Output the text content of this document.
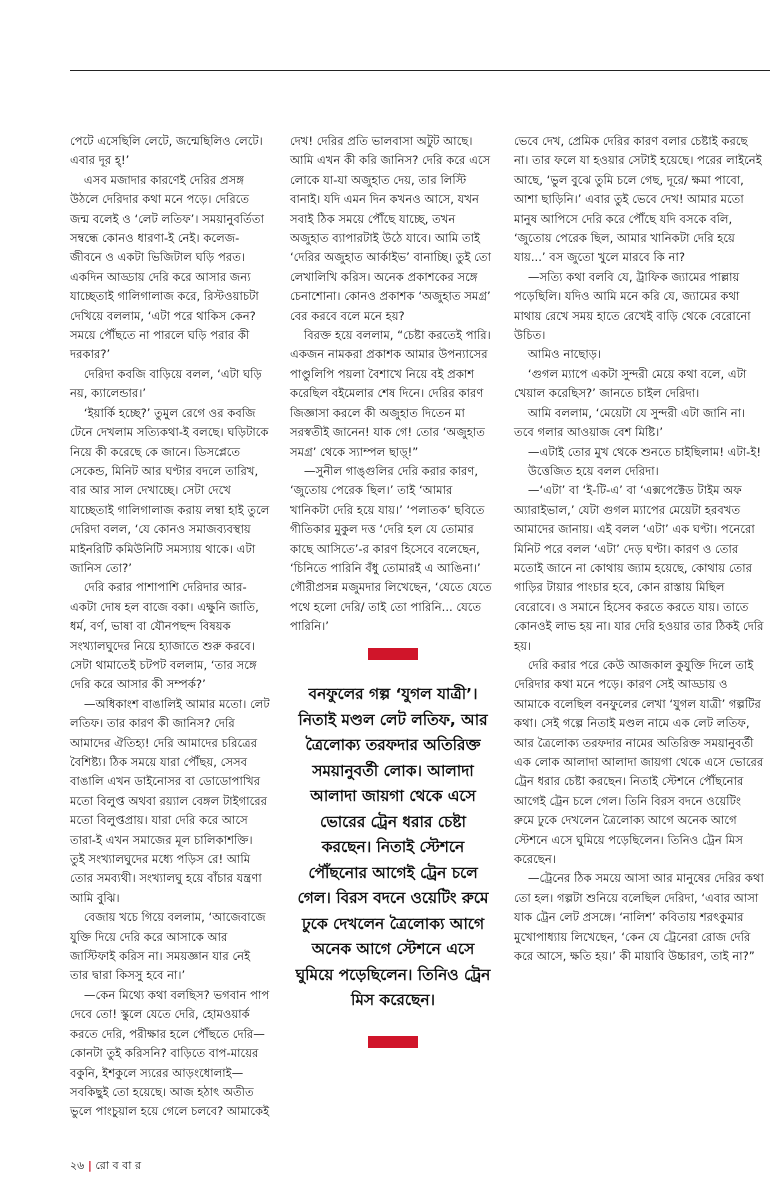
পেটে এসেছিলি লেটে, জন্মেছিলিও লেটে। এবার দূর হ্‌!’

এসব মজাদার কারণেই দেরির প্রসঙ্গ উঠলে দেরিদার কথা মনে পড়ে। দেরিতে জন্ম বলেই ও ‘লেট লতিফ’। সময়ানুবর্তিতা সম্বন্ধে কোনও ধারণা-ই নেই। কলেজ-জীবনে ও একটা ভিজিটাল ঘড়ি পরত। একদিন আড্ডায় দেরি করে আসার জন্য যাচ্ছেতাই গালিগালাজ করে, রিস্টওয়াচটা দেখিয়ে বললাম, ‘এটা পরে থাকিস কেন? সময়ে পৌঁছতে না পারলে ঘড়ি পরার কী দরকার?’

দেরিদা কবজি বাড়িয়ে বলল, ‘এটা ঘড়ি নয়, ক্যালেন্ডার।’

‘ইয়ার্কি হচ্ছে?’ তুমুল রেগে ওর কবজি টেনে দেখলাম সত্যিকথা-ই বলছে। ঘড়িটাকে নিয়ে কী করেছে কে জানে। ডিসপ্লেতে সেকেন্ড, মিনিট আর ঘণ্টার বদলে তারিখ, বার আর সাল দেখাচ্ছে। সেটা দেখে যাচ্ছেতাই গালিগালাজ করায় লম্বা হাই তুলে দেরিদা বলল, ‘যে কোনও সমাজব্যবস্থায় মাইনরিটি কমিউনিটি সমস্যায় থাকে। এটা জানিস তো?’

দেরি করার পাশাপাশি দেরিদার আর-একটা দোষ হল বাজে বকা। এক্ষুনি জাতি, ধর্ম, বর্ণ, ভাষা বা যৌনপছন্দ বিষয়ক সংখ্যালঘুদের নিয়ে হ্যাজাতে শুরু করবে। সেটা থামাতেই চটপট বললাম, ‘তার সঙ্গে দেরি করে আসার কী সম্পর্ক?’

—অধিকাংশ বাঙালিই আমার মতো। লেট লতিফ। তার কারণ কী জানিস? দেরি আমাদের ঐতিহ্য! দেরি আমাদের চরিত্রের বৈশিষ্ট্য। ঠিক সময়ে যারা পৌঁছয়, সেসব বাঙালি এখন ডাইনোসর বা ডোডোপাখির মতো বিলুপ্ত অথবা রয়্যাল বেঙ্গল টাইগারের মতো বিলুপ্তপ্রায়। যারা দেরি করে আসে তারা-ই এখন সমাজের মূল চালিকাশক্তি। তুই সংখ্যালঘুদের মধ্যে পড়িস রে! আমি তোর সমব্যথী। সংখ্যালঘু হয়ে বাঁচার যন্ত্রণা আমি বুঝি।

বেজায় খচে গিয়ে বললাম, ‘আজেবাজে যুক্তি দিয়ে দেরি করে আসাকে আর জাস্টিফাই করিস না। সময়জ্ঞান যার নেই তার দ্বারা কিসসু হবে না।’

—কেন মিথ্যে কথা বলছিস? ভগবান পাপ দেবে তো! স্কুলে যেতে দেরি, হোমওয়ার্ক করতে দেরি, পরীক্ষার হলে পৌঁছতে দেরি— কোনটা তুই করিসনি? বাড়িতে বাপ-মায়ের বকুনি, ইশকুলে স্যরের আড়ংধোলাই— সবকিছুই তো হয়েছে। আজ হঠাৎ অতীত ভুলে পাংচুয়াল হয়ে গেলে চলবে? আমাকেই

দেখ! দেরির প্রতি ভালবাসা অটুট আছে। আমি এখন কী করি জানিস? দেরি করে এসে লোকে যা-যা অজুহাত দেয়, তার লিস্টি বানাই। যদি এমন দিন কখনও আসে, যখন সবাই ঠিক সময়ে পৌঁছে যাচ্ছে, তখন অজুহাত ব্যাপারটাই উঠে যাবে। আমি তাই ‘দেরির অজুহাত আর্কাইভ’ বানাচ্ছি। তুই তো লেখালিখি করিস। অনেক প্রকাশকের সঙ্গে চেনাশোনা। কোনও প্রকাশক ‘অজুহাত সমগ্র’ বের করবে বলে মনে হয়?

বিরক্ত হয়ে বললাম, “চেষ্টা করতেই পারি। একজন নামকরা প্রকাশক আমার উপন্যাসের পাণ্ডুলিপি পয়লা বৈশাখে নিয়ে বই প্রকাশ করেছিল বইমেলার শেষ দিনে। দেরির কারণ জিজ্ঞাসা করলে কী অজুহাত দিতেন মা সরস্বতীই জানেন! যাক গে! তোর ‘অজুহাত সমগ্র’ থেকে স্যাম্পল ছাড়্‌!”

—সুনীল গাঙ্গুলির দেরি করার কারণ, ‘জুতোয় পেরেক ছিল।’ তাই ‘আমার খানিকটা দেরি হয়ে যায়।’ ‘পলাতক’ ছবিতে গীতিকার মুকুল দত্ত ‘দেরি হল যে তোমার কাছে আসিতে’-র কারণ হিসেবে বলেছেন, ‘চিনিতে পারিনি বঁধু তোমারই এ আঙিনা।’ গৌরীপ্রসন্ন মজুমদার লিখেছেন, ‘যেতে যেতে পথে হলো দেরি/ তাই তো পারিনি... যেতে পারিনি।’

বনফুলের গল্প ‘যুগল যাত্রী’। নিতাই মণ্ডল লেট লতিফ, আর ত্রৈলোক্য তরফদার অতিরিক্ত সময়ানুবর্তী লোক। আলাদা আলাদা জায়গা থেকে এসে ভোরের ট্রেন ধরার চেষ্টা করছেন। নিতাই স্টেশনে পৌঁছনোর আগেই ট্রেন চলে গেল। বিরস বদনে ওয়েটিং রুমে ঢুকে দেখলেন ত্রৈলোক্য আগে অনেক আগে স্টেশনে এসে ঘুমিয়ে পড়েছিলেন। তিনিও ট্রেন মিস করেছেন।

ভেবে দেখ, প্রেমিক দেরির কারণ বলার চেষ্টাই করছে না। তার ফলে যা হওয়ার সেটাই হয়েছে। পরের লাইনেই আছে, ‘ভুল বুঝে তুমি চলে গেছ, দূরে/ ক্ষমা পাবো, আশা ছাড়িনি।’ এবার তুই ভেবে দেখ! আমার মতো মানুষ আপিসে দেরি করে পৌঁছে যদি বসকে বলি, ‘জুতোয় পেরেক ছিল, আমার খানিকটা দেরি হয়ে যায়...’ বস জুতো খুলে মারবে কি না?

—সত্যি কথা বলবি যে, ট্রাফিক জ্যামের পাল্লায় পড়েছিলি। যদিও আমি মনে করি যে, জ্যামের কথা মাথায় রেখে সময় হাতে রেখেই বাড়ি থেকে বেরোনো উচিত।

আমিও নাছোড়।

‘গুগল ম্যাপে একটা সুন্দরী মেয়ে কথা বলে, এটা খেয়াল করেছিস?’ জানতে চাইল দেরিদা।

আমি বললাম, ‘মেয়েটা যে সুন্দরী এটা জানি না। তবে গলার আওয়াজ বেশ মিষ্টি।’

—এটাই তোর মুখ থেকে শুনতে চাইছিলাম! এটা-ই!

উত্তেজিত হয়ে বলল দেরিদা।

—‘এটা’ বা ‘ই-টি-এ’ বা ‘এক্সপেক্টেড টাইম অফ অ্যারাইভাল,’ যেটা গুগল ম্যাপের মেয়েটা হরবখত আমাদের জানায়। এই বলল ‘এটা’ এক ঘণ্টা। পনেরো মিনিট পরে বলল ‘এটা’ দেড় ঘণ্টা। কারণ ও তোর মতোই জানে না কোথায় জ্যাম হয়েছে, কোথায় তোর গাড়ির টায়ার পাংচার হবে, কোন রাস্তায় মিছিল বেরোবে। ও সমানে হিসেব করতে করতে যায়। তাতে কোনওই লাভ হয় না। যার দেরি হওয়ার তার ঠিকই দেরি হয়।

দেরি করার পরে কেউ আজকাল কুযুক্তি দিলে তাই দেরিদার কথা মনে পড়ে। কারণ সেই আড্ডায় ও আমাকে বলেছিল বনফুলের লেখা ‘যুগল যাত্রী’ গল্পটির কথা। সেই গল্পে নিতাই মণ্ডল নামে এক লেট লতিফ, আর ত্রৈলোক্য তরফদার নামের অতিরিক্ত সময়ানুবর্তী এক লোক আলাদা আলাদা জায়গা থেকে এসে ভোরের ট্রেন ধরার চেষ্টা করছেন। নিতাই স্টেশনে পৌঁছনোর আগেই ট্রেন চলে গেল। তিনি বিরস বদনে ওয়েটিং রুমে ঢুকে দেখলেন ত্রৈলোক্য আগে অনেক আগে স্টেশনে এসে ঘুমিয়ে পড়েছিলেন। তিনিও ট্রেন মিস করেছেন।

—ট্রেনের ঠিক সময়ে আসা আর মানুষের দেরির কথা তো হল। গল্পটা শুনিয়ে বলেছিল দেরিদা, ‘এবার আসা যাক ট্রেন লেট প্রসঙ্গে। ‘নালিশ’ কবিতায় শরৎকুমার মুখোপাধ্যায় লিখেছেন, ‘কেন যে ট্রেনেরা রোজ দেরি করে আসে, ক্ষতি হয়।’ কী মায়াবি উচ্চারণ, তাই না?”

২৬ | রো ব বা র
